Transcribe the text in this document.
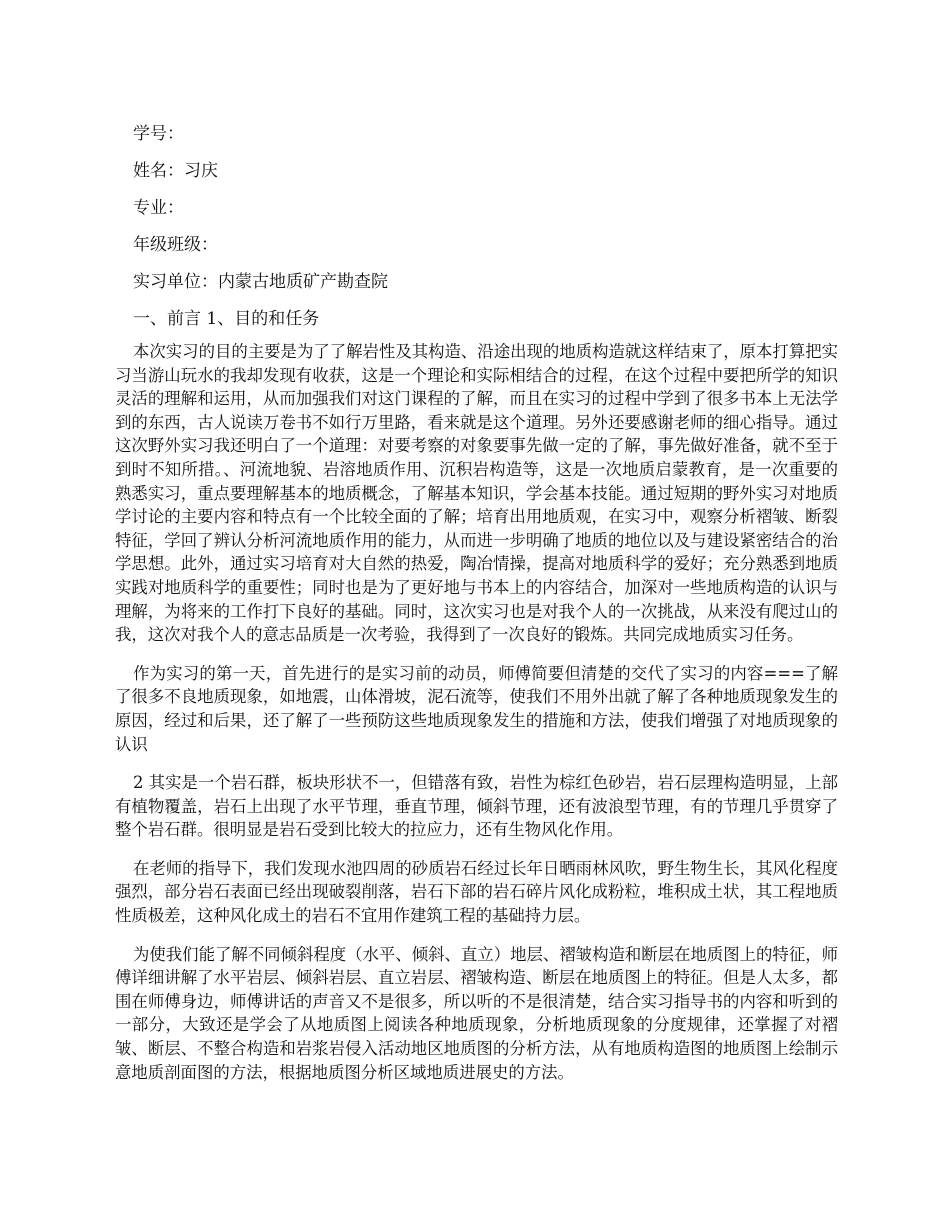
学号：
姓名：习庆
专业：
年级班级：
实习单位：内蒙古地质矿产勘查院
一、前言 1、目的和任务

本次实习的目的主要是为了了解岩性及其构造、沿途出现的地质构造就这样结束了，原本打算把实习当游山玩水的我却发现有收获，这是一个理论和实际相结合的过程，在这个过程中要把所学的知识灵活的理解和运用，从而加强我们对这门课程的了解，而且在实习的过程中学到了很多书本上无法学到的东西，古人说读万卷书不如行万里路，看来就是这个道理。另外还要感谢老师的细心指导。通过这次野外实习我还明白了一个道理：对要考察的对象要事先做一定的了解，事先做好准备，就不至于到时不知所措。、河流地貌、岩溶地质作用、沉积岩构造等，这是一次地质启蒙教育，是一次重要的熟悉实习，重点要理解基本的地质概念，了解基本知识，学会基本技能。通过短期的野外实习对地质学讨论的主要内容和特点有一个比较全面的了解；培育出用地质观，在实习中，观察分析褶皱、断裂特征，学回了辨认分析河流地质作用的能力，从而进一步明确了地质的地位以及与建设紧密结合的治学思想。此外，通过实习培育对大自然的热爱，陶冶情操，提高对地质科学的爱好；充分熟悉到地质实践对地质科学的重要性；同时也是为了更好地与书本上的内容结合，加深对一些地质构造的认识与理解，为将来的工作打下良好的基础。同时，这次实习也是对我个人的一次挑战，从来没有爬过山的我，这次对我个人的意志品质是一次考验，我得到了一次良好的锻炼。共同完成地质实习任务。

作为实习的第一天，首先进行的是实习前的动员，师傅简要但清楚的交代了实习的内容===了解了很多不良地质现象，如地震，山体滑坡，泥石流等，使我们不用外出就了解了各种地质现象发生的原因，经过和后果，还了解了一些预防这些地质现象发生的措施和方法，使我们增强了对地质现象的认识

2 其实是一个岩石群，板块形状不一，但错落有致，岩性为棕红色砂岩，岩石层理构造明显，上部有植物覆盖，岩石上出现了水平节理，垂直节理，倾斜节理，还有波浪型节理，有的节理几乎贯穿了整个岩石群。很明显是岩石受到比较大的拉应力，还有生物风化作用。

在老师的指导下，我们发现水池四周的砂质岩石经过长年日晒雨林风吹，野生物生长，其风化程度强烈，部分岩石表面已经出现破裂削落，岩石下部的岩石碎片风化成粉粒，堆积成土状，其工程地质性质极差，这种风化成土的岩石不宜用作建筑工程的基础持力层。

为使我们能了解不同倾斜程度（水平、倾斜、直立）地层、褶皱构造和断层在地质图上的特征，师傅详细讲解了水平岩层、倾斜岩层、直立岩层、褶皱构造、断层在地质图上的特征。但是人太多，都围在师傅身边，师傅讲话的声音又不是很多，所以听的不是很清楚，结合实习指导书的内容和听到的一部分，大致还是学会了从地质图上阅读各种地质现象，分析地质现象的分度规律，还掌握了对褶皱、断层、不整合构造和岩浆岩侵入活动地区地质图的分析方法，从有地质构造图的地质图上绘制示意地质剖面图的方法，根据地质图分析区域地质进展史的方法。
